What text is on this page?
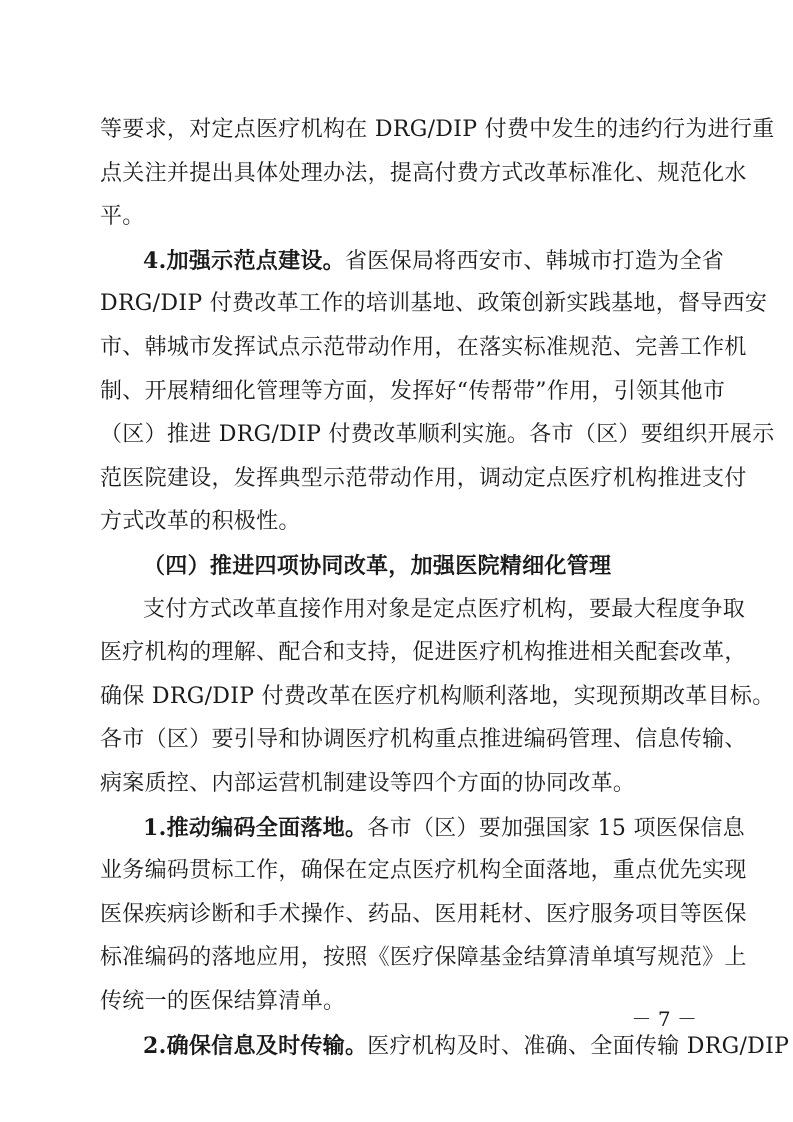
等要求，对定点医疗机构在 DRG/DIP 付费中发生的违约行为进行重
点关注并提出具体处理办法，提高付费方式改革标准化、规范化水
平。
4.加强示范点建设。省医保局将西安市、韩城市打造为全省
DRG/DIP 付费改革工作的培训基地、政策创新实践基地，督导西安
市、韩城市发挥试点示范带动作用，在落实标准规范、完善工作机
制、开展精细化管理等方面，发挥好“传帮带”作用，引领其他市
（区）推进 DRG/DIP 付费改革顺利实施。各市（区）要组织开展示
范医院建设，发挥典型示范带动作用，调动定点医疗机构推进支付
方式改革的积极性。
（四）推进四项协同改革，加强医院精细化管理
支付方式改革直接作用对象是定点医疗机构，要最大程度争取
医疗机构的理解、配合和支持，促进医疗机构推进相关配套改革，
确保 DRG/DIP 付费改革在医疗机构顺利落地，实现预期改革目标。
各市（区）要引导和协调医疗机构重点推进编码管理、信息传输、
病案质控、内部运营机制建设等四个方面的协同改革。
1.推动编码全面落地。各市（区）要加强国家 15 项医保信息
业务编码贯标工作，确保在定点医疗机构全面落地，重点优先实现
医保疾病诊断和手术操作、药品、医用耗材、医疗服务项目等医保
标准编码的落地应用，按照《医疗保障基金结算清单填写规范》上
传统一的医保结算清单。
2.确保信息及时传输。医疗机构及时、准确、全面传输 DRG/DIP
－ 7 －
